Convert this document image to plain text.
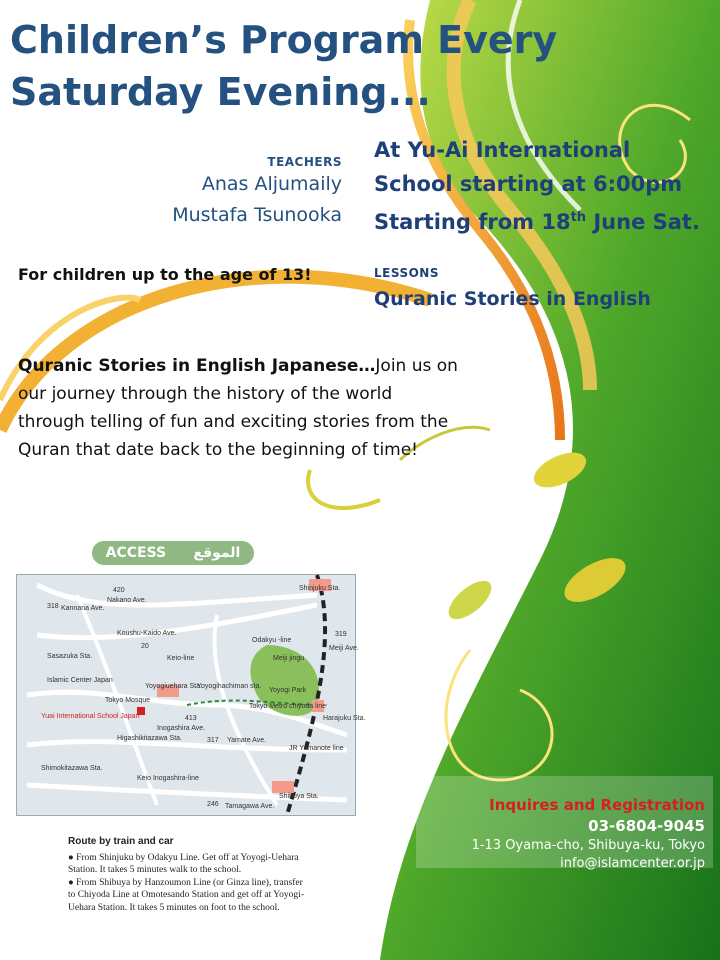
Children’s Program Every Saturday Evening...
TEACHERS
Anas Aljumaily
Mustafa Tsunooka
At Yu-Ai International
School starting at 6:00pm
Starting from 18th June Sat.
For children up to the age of 13!	LESSONS
Quranic Stories in English
Quranic Stories in English Japanese…Join us on our journey through the history of the world through telling of fun and exciting stories from the Quran that date back to the beginning of time!
ACCESS الموقع
Shinjuku Sta.
Nakano Ave.
Kannana Ave.
Koushu-Kaido Ave.
Sasazuka Sta.	Keio-line
Odakyu -line
Meiji jingu
Meiji Ave.
Islamic Center Japan
Yoyogiuehara Sta.
Tokyo Mosque
Yoyogihachiman sta.
Yoyogi Park
Yuai International School Japan
Inogashira Ave.
Tokyo Metro chiyoda line
Harajuku Sta.
Higashikitazawa Sta.	Yamate Ave.
JR Yamanote line
Shimokitazawa Sta.
Keio Inogashira-line
Shibuya Sta.
Tamagawa Ave.
318
420
20
413
317
246
319
Route by train and car
● From Shinjuku by Odakyu Line. Get off at Yoyogi-Uehara Station. It takes 5 minutes walk to the school.
● From Shibuya by Hanzoumon Line (or Ginza line), transfer to Chiyoda Line at Omotesando Station and get off at Yoyogi-Uehara Station. It takes 5 minutes on foot to the school.
Inquires and Registration
03-6804-9045
1-13 Oyama-cho, Shibuya-ku, Tokyo
info@islamcenter.or.jp
